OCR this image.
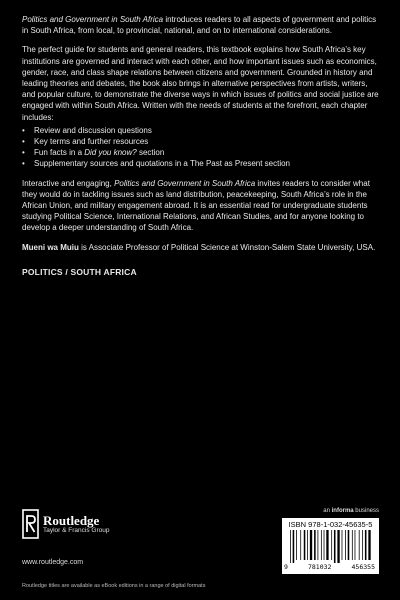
Politics and Government in South Africa introduces readers to all aspects of government and politics in South Africa, from local, to provincial, national, and on to international considerations.

The perfect guide for students and general readers, this textbook explains how South Africa’s key institutions are governed and interact with each other, and how important issues such as economics, gender, race, and class shape relations between citizens and government. Grounded in history and leading theories and debates, the book also brings in alternative perspectives from artists, writers, and popular culture, to demonstrate the diverse ways in which issues of politics and social justice are engaged with within South Africa. Written with the needs of students at the forefront, each chapter includes:

• Review and discussion questions
• Key terms and further resources
• Fun facts in a Did you know? section
• Supplementary sources and quotations in a The Past as Present section

Interactive and engaging, Politics and Government in South Africa invites readers to consider what they would do in tackling issues such as land distribution, peacekeeping, South Africa’s role in the African Union, and military engagement abroad. It is an essential read for undergraduate students studying Political Science, International Relations, and African Studies, and for anyone looking to develop a deeper understanding of South Africa.

Mueni wa Muiu is Associate Professor of Political Science at Winston-Salem State University, USA.

POLITICS / SOUTH AFRICA
Routledge
Taylor & Francis Group
www.routledge.com
Routledge titles are available as eBook editions in a range of digital formats
an informa business
ISBN 978-1-032-45635-5
9	781032	456355
